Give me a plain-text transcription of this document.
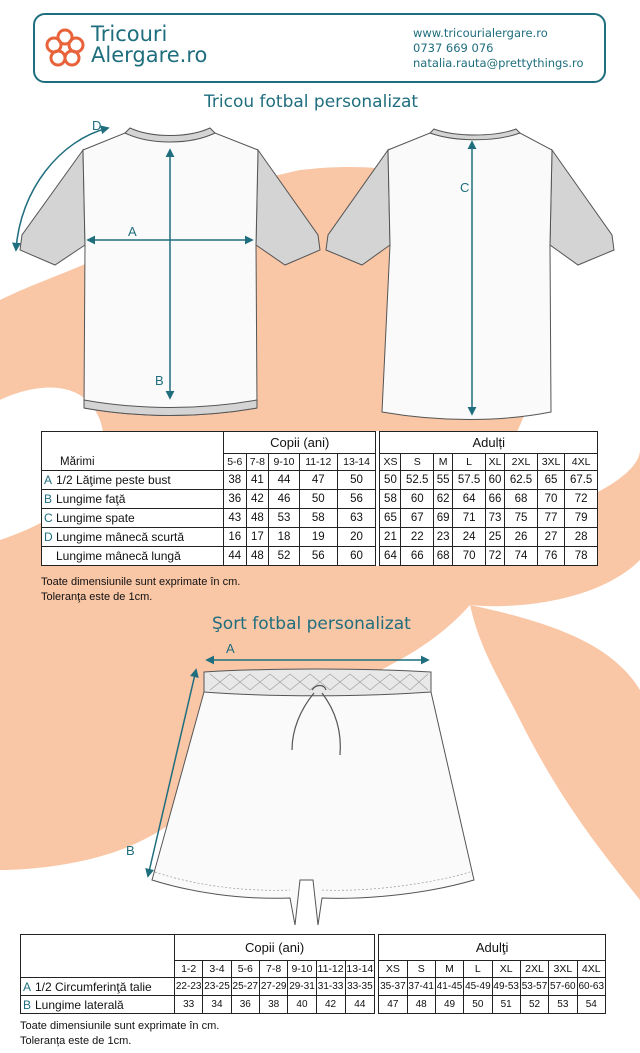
Tricouri
Alergare.ro
www.tricourialergare.ro
0737 669 076
natalia.rauta@prettythings.ro
Tricou fotbal personalizat
A
B
C
D
A
B
	Copii (ani)						Adulți							
Mărimi	5-6	7-8	9-10	11-12	13-14		XS	S	M	L	XL	2XL	3XL	4XL
A 1/2 Lăţime peste bust	38	41	44	47	50		50	52.5	55	57.5	60	62.5	65	67.5
B Lungime faţă	36	42	46	50	56		58	60	62	64	66	68	70	72
C Lungime spate	43	48	53	58	63		65	67	69	71	73	75	77	79
D Lungime mânecă scurtă	16	17	18	19	20		21	22	23	24	25	26	27	28
Lungime mânecă lungă	44	48	52	56	60		64	66	68	70	72	74	76	78
Toate dimensiunile sunt exprimate în cm.
Toleranţa este de 1cm.
Şort fotbal personalizat
	Copii (ani)								Adulţi							
	1-2	3-4	5-6	7-8	9-10	11-12	13-14		XS	S	M	L	XL	2XL	3XL	4XL
A 1/2 Circumferinţă talie	22-23	23-25	25-27	27-29	29-31	31-33	33-35		35-37	37-41	41-45	45-49	49-53	53-57	57-60	60-63
B Lungime laterală	33	34	36	38	40	42	44		47	48	49	50	51	52	53	54
Toate dimensiunile sunt exprimate în cm.
Toleranța este de 1cm.
